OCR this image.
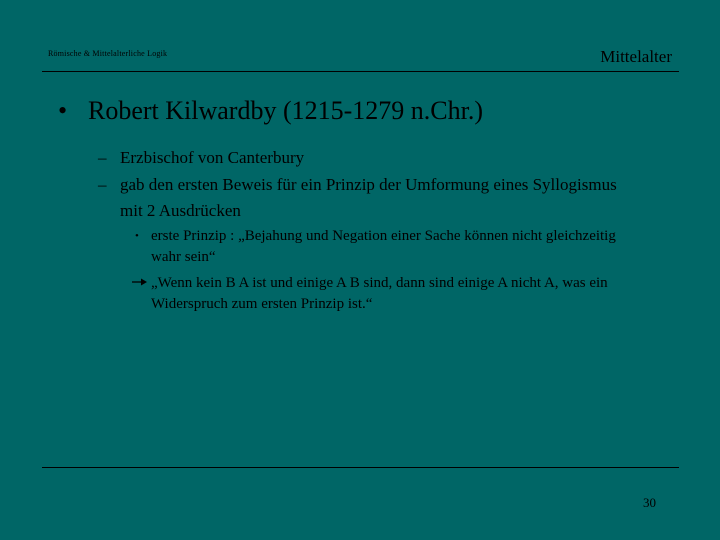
Römische & Mittelalterliche Logik	Mittelalter
• Robert Kilwardby (1215-1279 n.Chr.)
– Erzbischof von Canterbury
– gab den ersten Beweis für ein Prinzip der Umformung eines Syllogismus mit 2 Ausdrücken
• erste Prinzip : „Bejahung und Negation einer Sache können nicht gleichzeitig wahr sein“
„Wenn kein B A ist und einige A B sind, dann sind einige A nicht A, was ein Widerspruch zum ersten Prinzip ist.“
30
